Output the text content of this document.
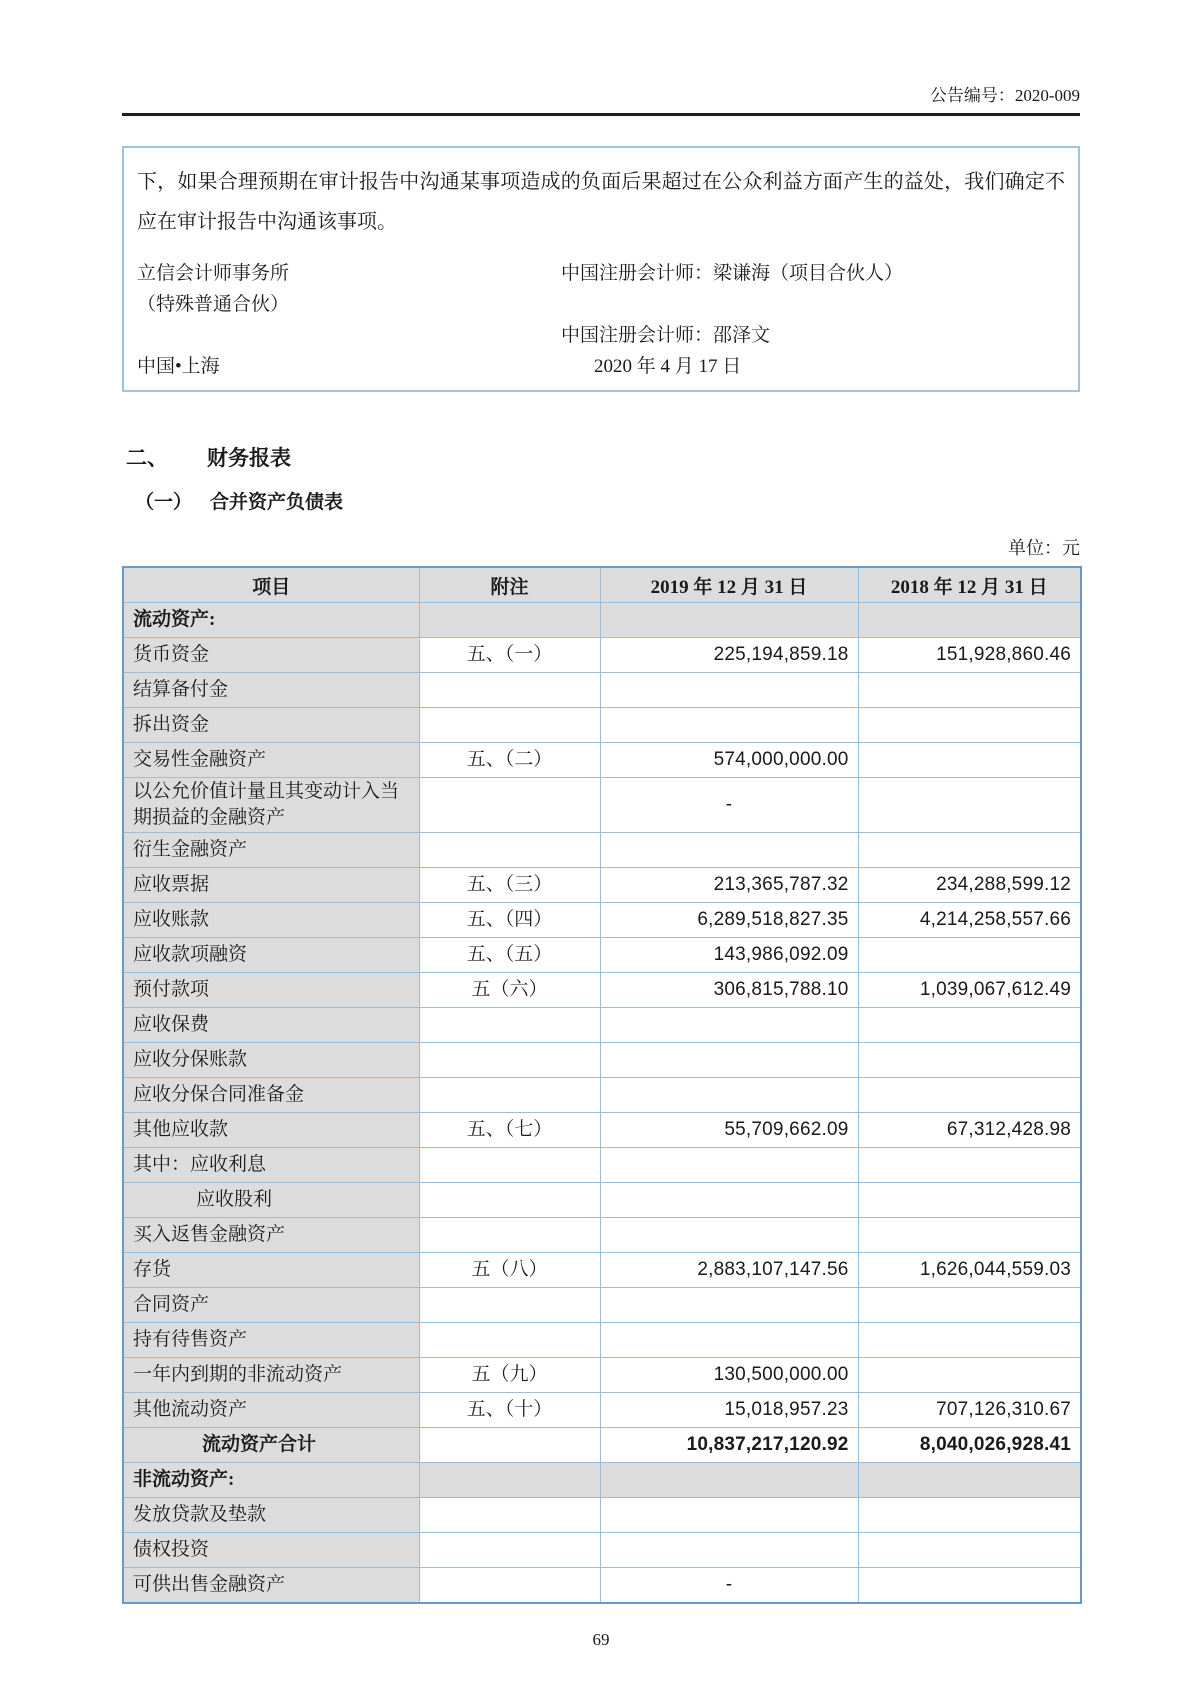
公告编号：2020-009

下，如果合理预期在审计报告中沟通某事项造成的负面后果超过在公众利益方面产生的益处，我们确定不应在审计报告中沟通该事项。

立信会计师事务所	中国注册会计师：梁谦海（项目合伙人）
（特殊普通合伙）
中国注册会计师：邵泽文
中国•上海	2020 年 4 月 17 日
二、 财务报表
（一） 合并资产负债表
单位：元
项目	附注	2019 年 12 月 31 日	2018 年 12 月 31 日
流动资产:			
货币资金	五、（一）	225,194,859.18	151,928,860.46
结算备付金			
拆出资金			
交易性金融资产	五、（二）	574,000,000.00	
以公允价值计量且其变动计入当期损益的金融资产		-	
衍生金融资产			
应收票据	五、（三）	213,365,787.32	234,288,599.12
应收账款	五、（四）	6,289,518,827.35	4,214,258,557.66
应收款项融资	五、（五）	143,986,092.09	
预付款项	五（六）	306,815,788.10	1,039,067,612.49
应收保费			
应收分保账款			
应收分保合同准备金			
其他应收款	五、（七）	55,709,662.09	67,312,428.98
其中：应收利息			
应收股利			
买入返售金融资产			
存货	五（八）	2,883,107,147.56	1,626,044,559.03
合同资产			
持有待售资产			
一年内到期的非流动资产	五（九）	130,500,000.00	
其他流动资产	五、（十）	15,018,957.23	707,126,310.67
流动资产合计		10,837,217,120.92	8,040,026,928.41
非流动资产:			
发放贷款及垫款			
债权投资			
可供出售金融资产		-	
69
